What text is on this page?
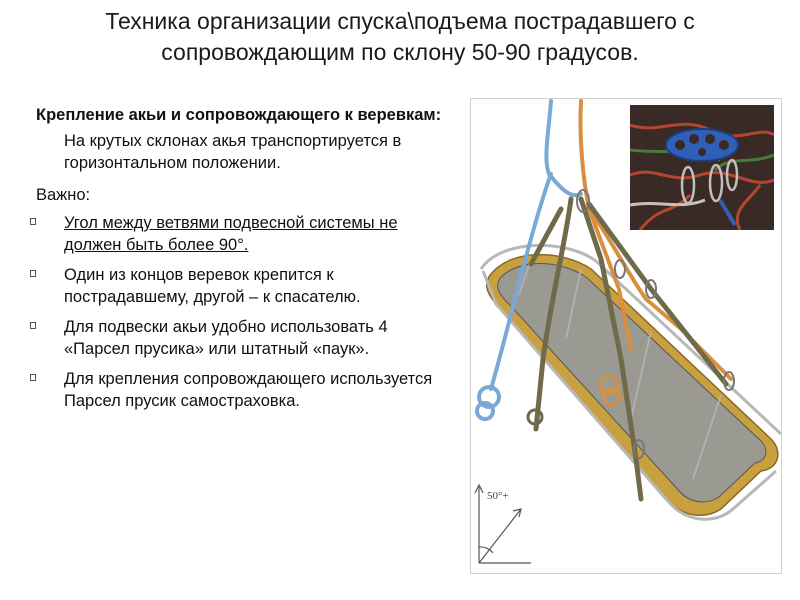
Техника организации спуска\подъема пострадавшего с
сопровождающим по склону 50-90 градусов.
Крепление акьи и сопровождающего к веревкам:
На крутых склонах акья транспортируется в горизонтальном положении.
Важно:
Угол между ветвями подвесной системы не должен быть более 90°.
Один из концов веревок крепится к пострадавшему, другой – к спасателю.
Для подвески акьи удобно использовать 4 «Парсел прусика» или штатный «паук».
Для крепления сопровождающего используется Парсел прусик самостраховка.
50°+
